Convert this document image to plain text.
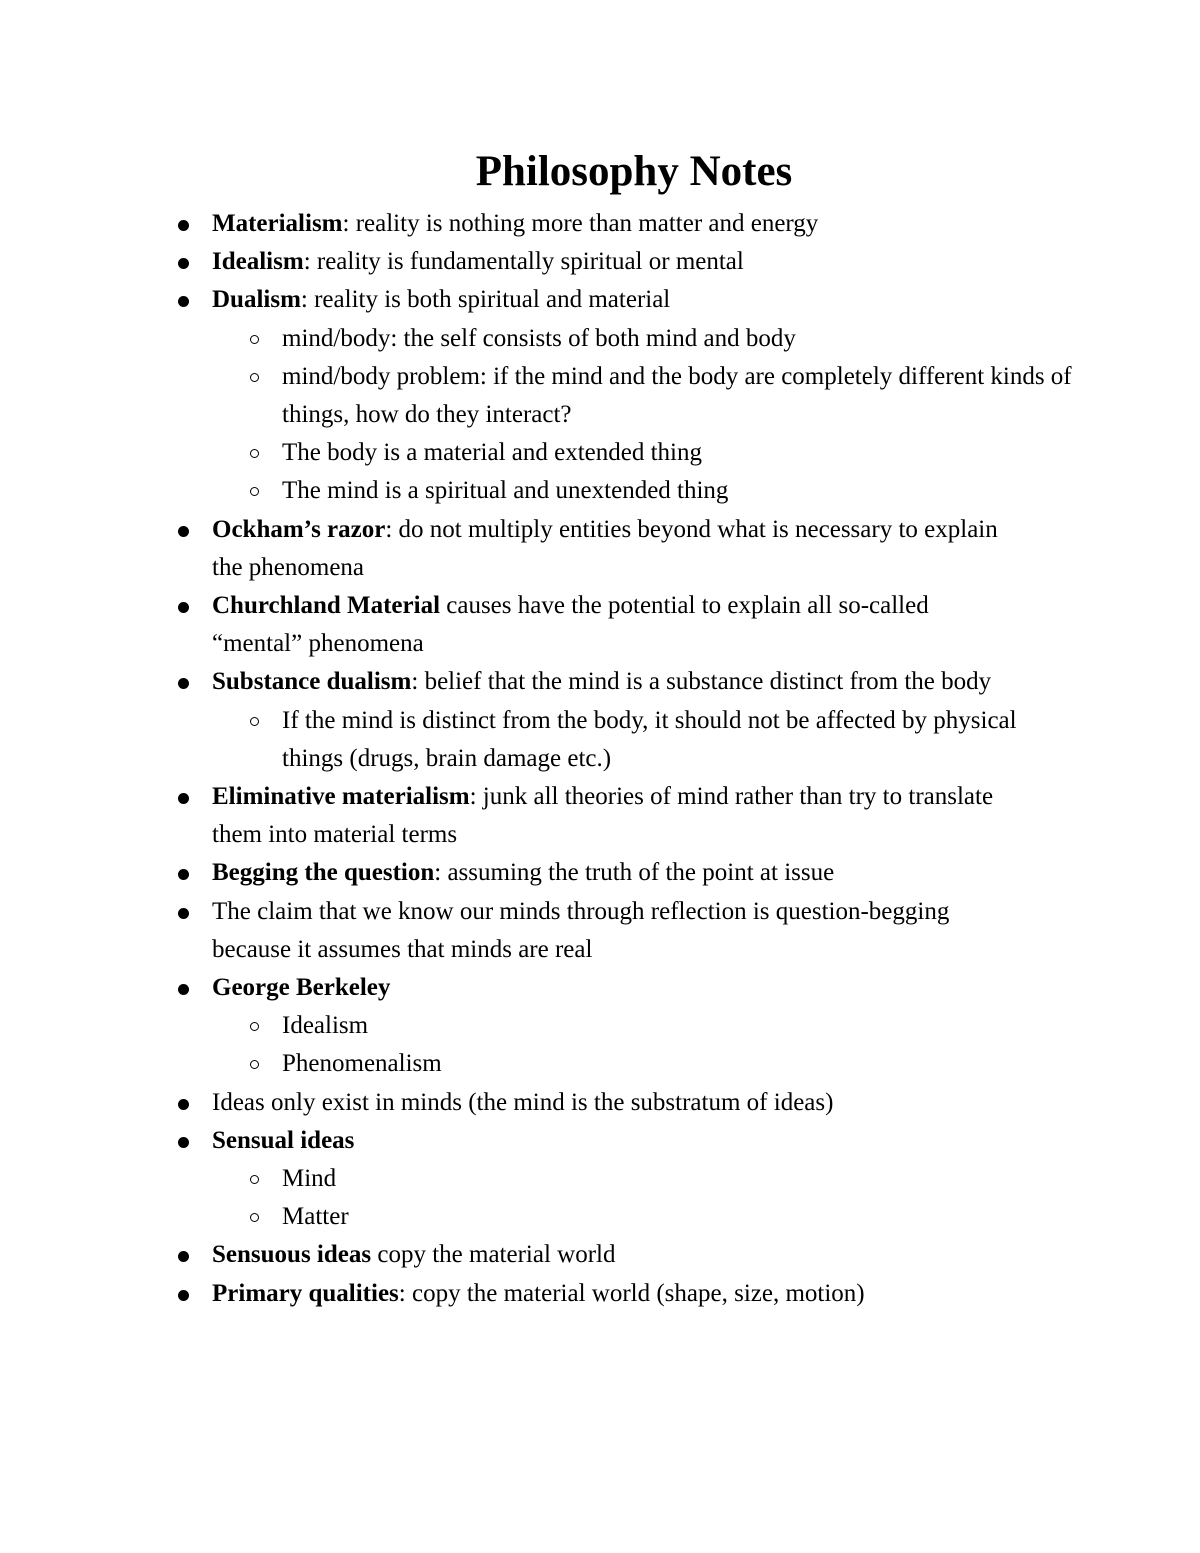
Philosophy Notes
Materialism: reality is nothing more than matter and energy
Idealism: reality is fundamentally spiritual or mental
Dualism: reality is both spiritual and material
mind/body: the self consists of both mind and body
mind/body problem: if the mind and the body are completely different kinds of things, how do they interact?
The body is a material and extended thing
The mind is a spiritual and unextended thing
Ockham’s razor: do not multiply entities beyond what is necessary to explain the phenomena
Churchland Material causes have the potential to explain all so-called “mental” phenomena
Substance dualism: belief that the mind is a substance distinct from the body
If the mind is distinct from the body, it should not be affected by physical things (drugs, brain damage etc.)
Eliminative materialism: junk all theories of mind rather than try to translate them into material terms
Begging the question: assuming the truth of the point at issue
The claim that we know our minds through reflection is question-begging because it assumes that minds are real
George Berkeley
Idealism
Phenomenalism
Ideas only exist in minds (the mind is the substratum of ideas)
Sensual ideas
Mind
Matter
Sensuous ideas copy the material world
Primary qualities: copy the material world (shape, size, motion)
